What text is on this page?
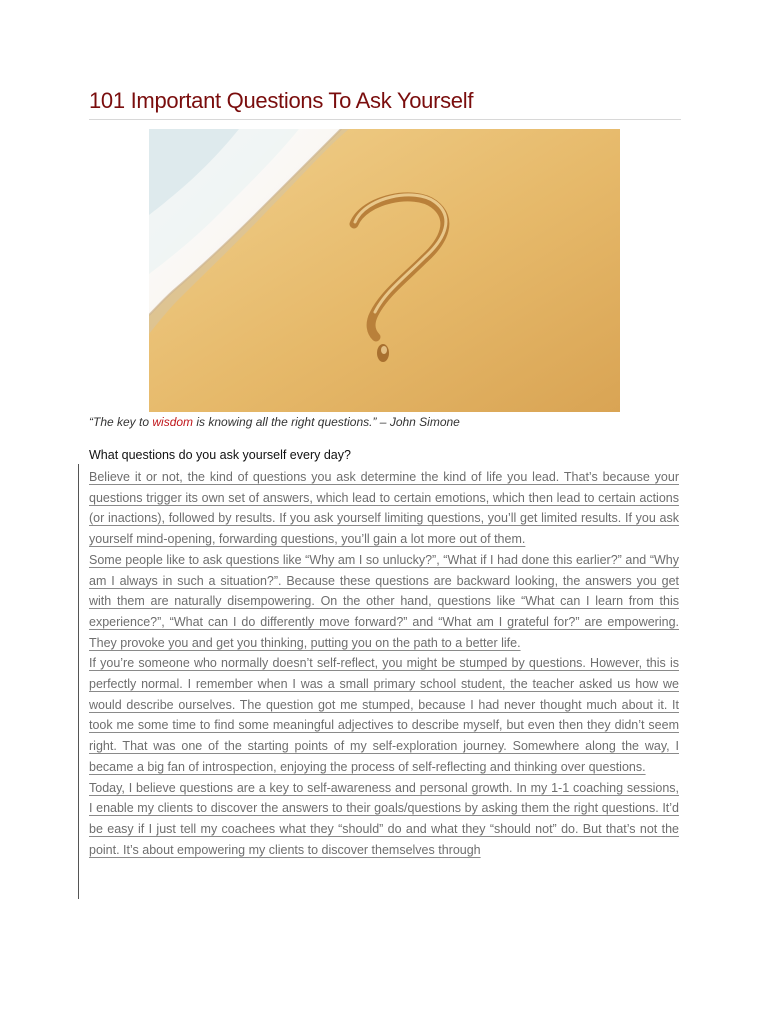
101 Important Questions To Ask Yourself
“The key to wisdom is knowing all the right questions.” – John Simone
What questions do you ask yourself every day?

Believe it or not, the kind of questions you ask determine the kind of life you lead. That’s because your questions trigger its own set of answers, which lead to certain emotions, which then lead to certain actions (or inactions), followed by results. If you ask yourself limiting questions, you’ll get limited results. If you ask yourself mind-opening, forwarding questions, you’ll gain a lot more out of them.

Some people like to ask questions like “Why am I so unlucky?”, “What if I had done this earlier?” and “Why am I always in such a situation?”. Because these questions are backward looking, the answers you get with them are naturally disempowering. On the other hand, questions like “What can I learn from this experience?”, “What can I do differently move forward?” and “What am I grateful for?” are empowering. They provoke you and get you thinking, putting you on the path to a better life.

If you’re someone who normally doesn’t self-reflect, you might be stumped by questions. However, this is perfectly normal. I remember when I was a small primary school student, the teacher asked us how we would describe ourselves. The question got me stumped, because I had never thought much about it. It took me some time to find some meaningful adjectives to describe myself, but even then they didn’t seem right. That was one of the starting points of my self-exploration journey. Somewhere along the way, I became a big fan of introspection, enjoying the process of self-reflecting and thinking over questions.

Today, I believe questions are a key to self-awareness and personal growth. In my 1-1 coaching sessions, I enable my clients to discover the answers to their goals/questions by asking them the right questions. It’d be easy if I just tell my coachees what they “should” do and what they “should not” do. But that’s not the point. It’s about empowering my clients to discover themselves through
